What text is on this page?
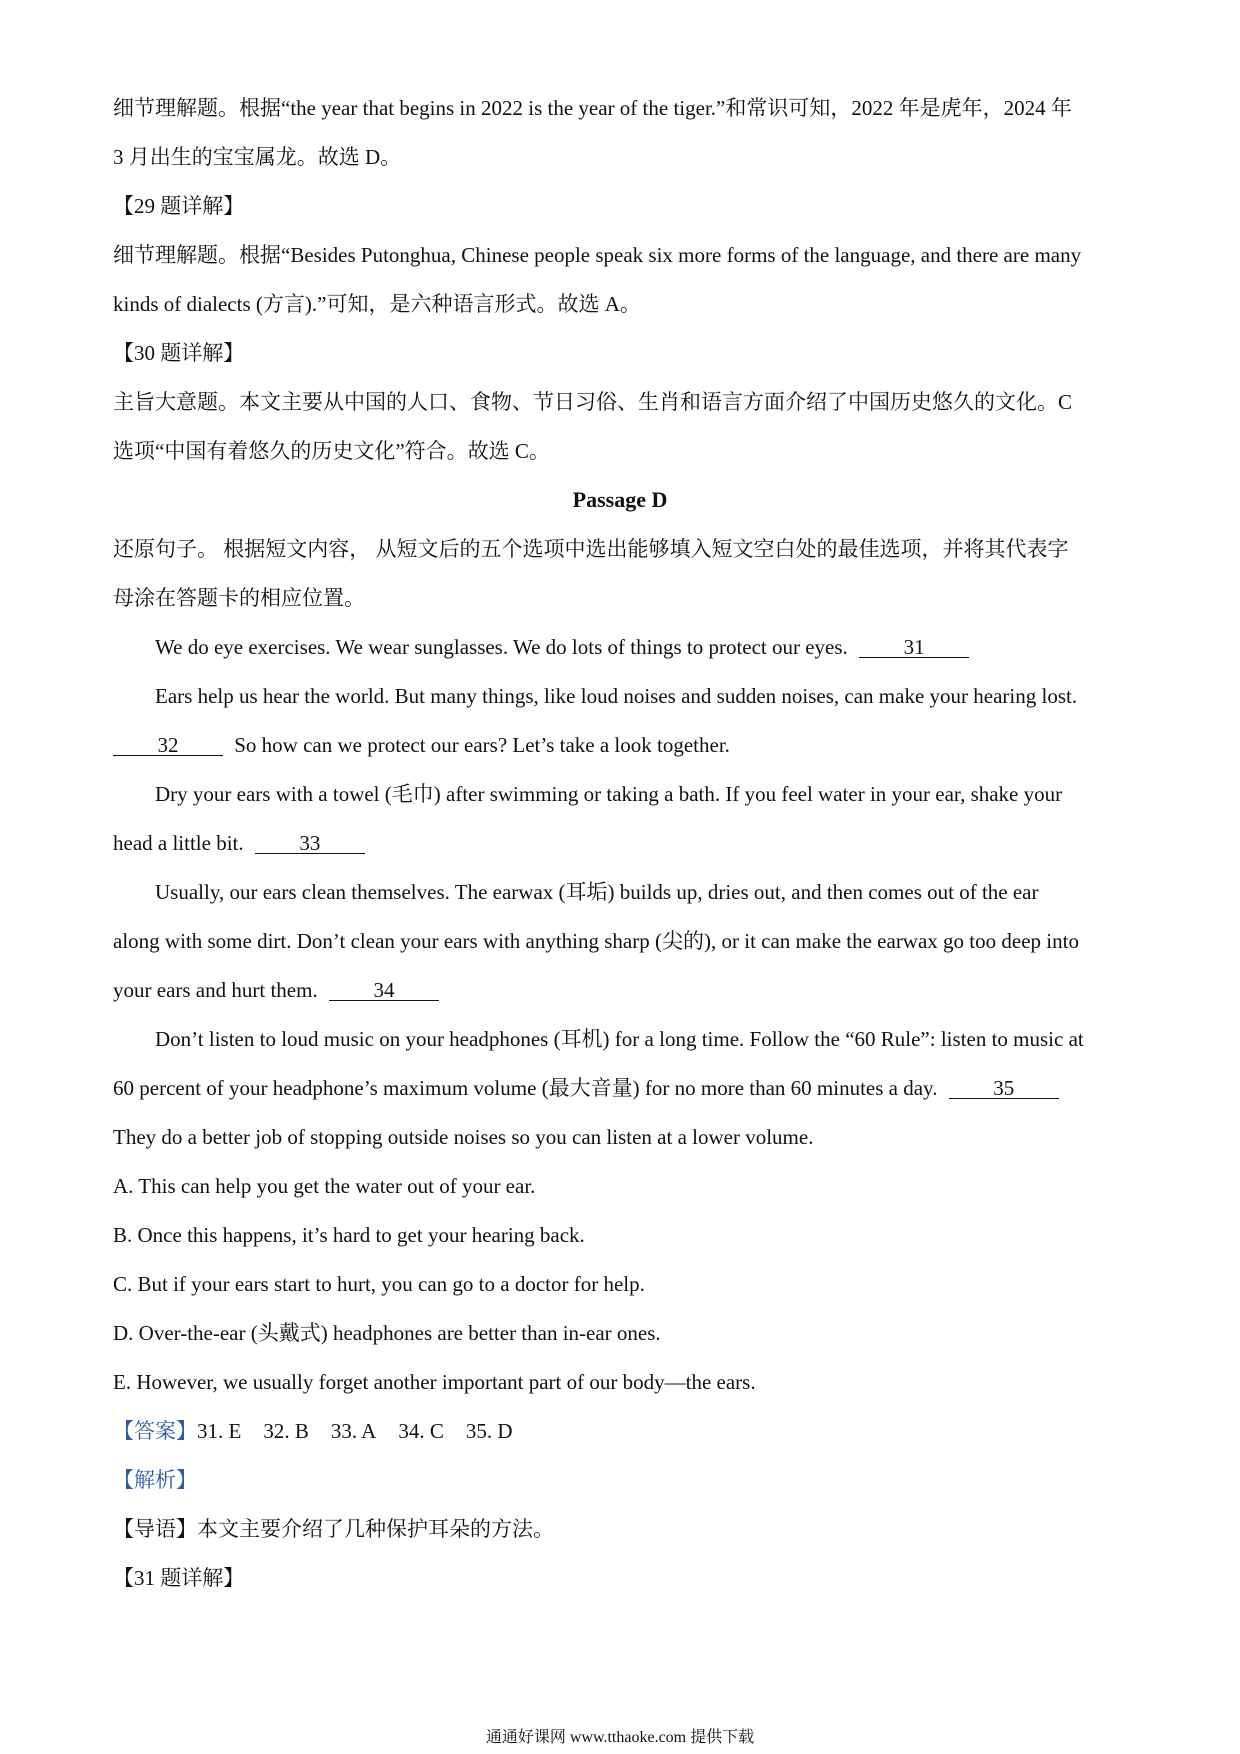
细节理解题。根据“the year that begins in 2022 is the year of the tiger.”和常识可知，2022 年是虎年，2024 年
3 月出生的宝宝属龙。故选 D。
【29 题详解】
细节理解题。根据“Besides Putonghua, Chinese people speak six more forms of the language, and there are many
kinds of dialects (方言).”可知，是六种语言形式。故选 A。
【30 题详解】
主旨大意题。本文主要从中国的人口、食物、节日习俗、生肖和语言方面介绍了中国历史悠久的文化。C
选项“中国有着悠久的历史文化”符合。故选 C。
Passage D
还原句子。 根据短文内容， 从短文后的五个选项中选出能够填入短文空白处的最佳选项，并将其代表字
母涂在答题卡的相应位置。
We do eye exercises. We wear sunglasses. We do lots of things to protect our eyes.	31
Ears help us hear the world. But many things, like loud noises and sudden noises, can make your hearing lost.
32	So how can we protect our ears? Let’s take a look together.
Dry your ears with a towel (毛巾) after swimming or taking a bath. If you feel water in your ear, shake your
head a little bit.	33
Usually, our ears clean themselves. The earwax (耳垢) builds up, dries out, and then comes out of the ear
along with some dirt. Don’t clean your ears with anything sharp (尖的), or it can make the earwax go too deep into
your ears and hurt them.	34
Don’t listen to loud music on your headphones (耳机) for a long time. Follow the “60 Rule”: listen to music at
60 percent of your headphone’s maximum volume (最大音量) for no more than 60 minutes a day.	35
They do a better job of stopping outside noises so you can listen at a lower volume.
A. This can help you get the water out of your ear.
B. Once this happens, it’s hard to get your hearing back.
C. But if your ears start to hurt, you can go to a doctor for help.
D. Over-the-ear (头戴式) headphones are better than in-ear ones.
E. However, we usually forget another important part of our body—the ears.
【答案】31. E 32. B 33. A 34. C 35. D
【解析】
【导语】本文主要介绍了几种保护耳朵的方法。
【31 题详解】
通通好课网 www.tthaoke.com 提供下载
